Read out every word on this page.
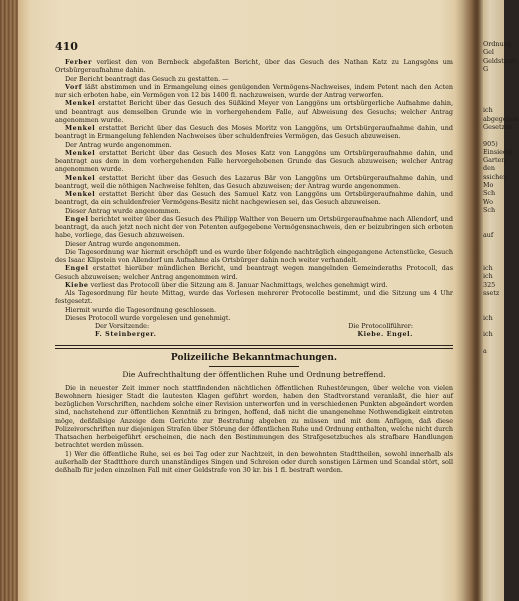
410

Ferber verliest den von Bernbeck abgefaßten Bericht, über das Gesuch des Nathan Katz zu Langsgöns um Ortsbürgeraufnahme dahin.

Der Bericht beantragt das Gesuch zu gestatten. —

Vorf läßt abstimmen und in Ermangelung eines genügenden Vermögens-Nachweises, indem Petent nach den Acten nur sich erboten habe, ein Vermögen von 12 bis 1400 fl. nachzuweisen, wurde der Antrag verworfen.

Menkel erstattet Bericht über das Gesuch des Süßkind Meyer von Langgöns um ortsbürgerliche Aufnahme dahin, und beantragt aus demselben Grunde wie in vorhergehendem Falle, auf Abweisung des Gesuchs; welcher Antrag angenommen wurde.

Menkel erstattet Bericht über das Gesuch des Moses Moritz von Langgöns, um Ortsbürgeraufnahme dahin, und beantragt in Ermangelung fehlenden Nachweises über schuldenfreies Vermögen, das Gesuch abzuweisen.

Der Antrag wurde angenommen.

Menkel erstattet Bericht über das Gesuch des Moses Katz von Langgöns um Ortsbürgeraufnahme dahin, und beantragt aus dem in dem vorhergehenden Falle hervorgehobenen Grunde das Gesuch abzuweisen; welcher Antrag angenommen wurde.

Menkel erstattet Bericht über das Gesuch des Lazarus Bär von Langgöns um Ortsbürgeraufnahme dahin, und beantragt, weil die nöthigen Nachweise fehlten, das Gesuch abzuweisen; der Antrag wurde angenommen.

Menkel erstattet Bericht über das Gesuch des Samuel Katz von Langgöns um Ortsbürgeraufnahme dahin, und beantragt, da ein schuldenfreier Vermögens-Besitz nicht nachgewiesen sei, das Gesuch abzuweisen.

Dieser Antrag wurde angenommen.

Engel berichtet weiter über das Gesuch des Philipp Walther von Beuern um Ortsbürgeraufnahme nach Allendorf, und beantragt, da auch jetzt noch nicht der von Petenten aufgegebene Vermögensnachweis, den er beizubringen sich erboten habe, vorliege, das Gesuch abzuweisen.

Dieser Antrag wurde angenommen.

Die Tagesordnung war hiermit erschöpft und es wurde über folgende nachträglich eingegangene Actenstücke, Gesuch des Isaac Klipstein von Allendorf um Aufnahme als Ortsbürger dahin noch weiter verhandelt.

Engel erstattet hierüber mündlichen Bericht, und beantragt wegen mangelnden Gemeinderaths Protocoll, das Gesuch abzuweisen; welcher Antrag angenommen wird.

Kiebe verliest das Protocoll über die Sitzung am 8. Januar Nachmittags, welches genehmigt wird.

Als Tagesordnung für heute Mittag, wurde das Vorlesen mehrerer Protocolle bestimmt, und die Sitzung um 4 Uhr festgesetzt.

Hiermit wurde die Tagesordnung geschlossen.

Dieses Protocoll wurde vorgelesen und genehmigt.

Der Vorsitzende:	Die Protocollführer:
F. Steinberger.	Kiebe. Engel.
Polizeiliche Bekanntmachungen.
Die Aufrechthaltung der öffentlichen Ruhe und Ordnung betreffend.

Die in neuester Zeit immer noch stattfindenden nächtlichen öffentlichen Ruhestörungen, über welche von vielen Bewohnern hiesiger Stadt die lautesten Klagen geführt worden, haben den Stadtvorstand veranlaßt, die hier auf bezüglichen Vorschriften, nachdem solche einer Revision unterworfen und in verschiedenen Punkten abgeändert worden sind, nachstehend zur öffentlichen Kenntniß zu bringen, hoffend, daß nicht die unangenehme Nothwendigkeit eintreten möge, deßfallsige Anzeige dem Gerichte zur Bestrafung abgeben zu müssen und mit dem Anfügen, daß diese Polizeivorschriften nur diejenigen Strafen über Störung der öffentlichen Ruhe und Ordnung enthalten, welche nicht durch Thatsachen herbeigeführt erscheinen, die nach den Bestimmungen des Strafgesetzbuches als strafbare Handlungen betrachtet werden müssen.

1) Wer die öffentliche Ruhe, sei es bei Tag oder zur Nachtzeit, in den bewohnten Stadttheilen, sowohl innerhalb als außerhalb der Stadtthore durch unanständiges Singen und Schreien oder durch sonstigen Lärmen und Scandal stört, soll deßhalb für jeden einzelnen Fall mit einer Geldstrafe von 30 kr. bis 1 fl. bestraft werden.

Ordnung
Gel
Geldstrafe
G

ich
abgegeben
Gesetzes

905)
Einsiedel
Garten
den
ssichen
Mo
Sch
Wo
Sch

auf

ich
ich
325
ssetz

ich

ich

a
